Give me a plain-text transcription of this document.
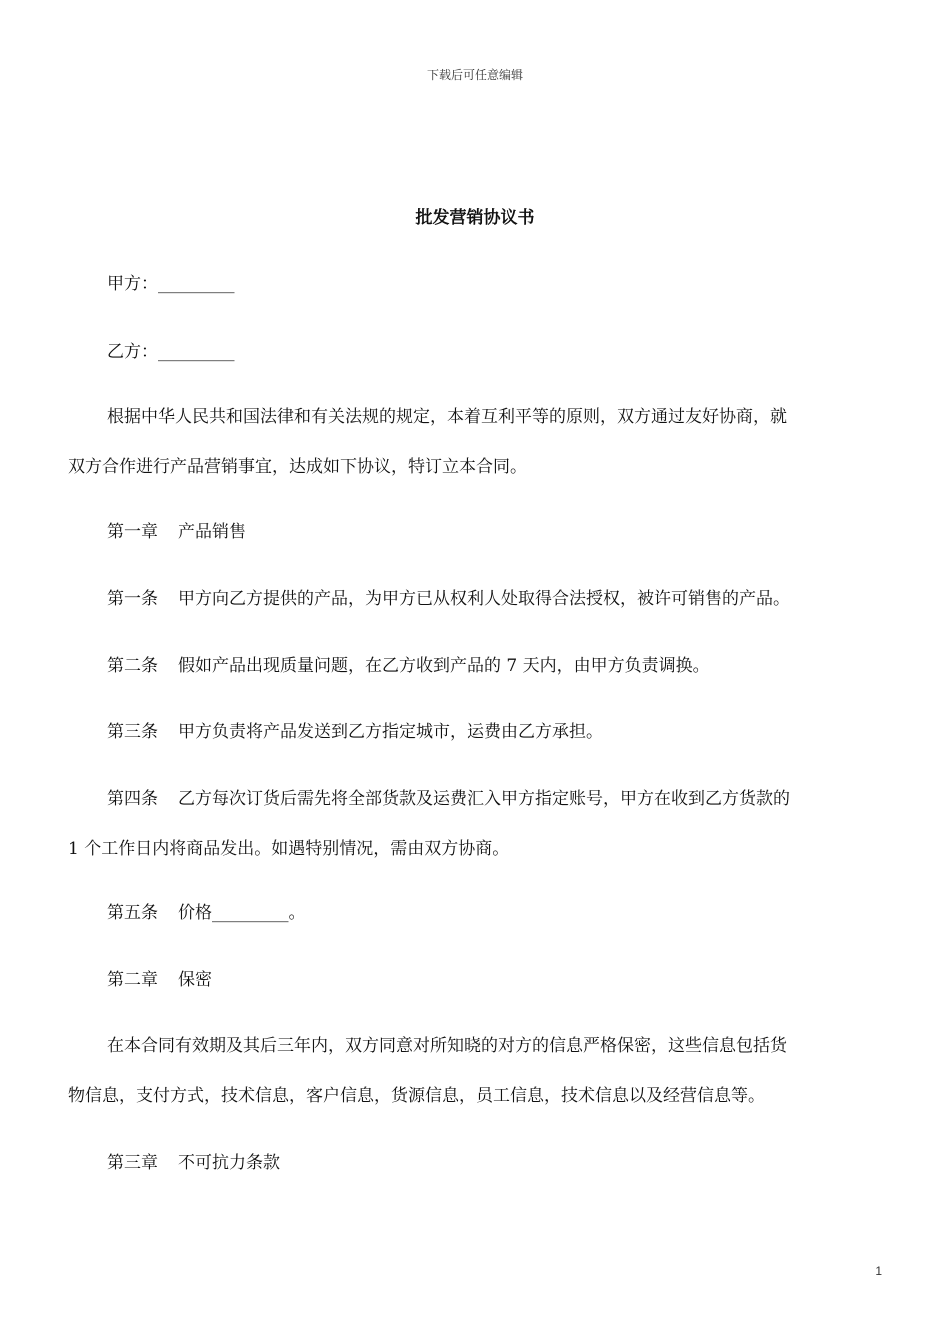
下载后可任意编辑
批发营销协议书
甲方：_________
乙方：_________
根据中华人民共和国法律和有关法规的规定，本着互利平等的原则，双方通过友好协商，就
双方合作进行产品营销事宜，达成如下协议，特订立本合同。
第一章 产品销售
第一条 甲方向乙方提供的产品，为甲方已从权利人处取得合法授权，被许可销售的产品。
第二条 假如产品出现质量问题，在乙方收到产品的 7 天内，由甲方负责调换。
第三条 甲方负责将产品发送到乙方指定城市，运费由乙方承担。
第四条 乙方每次订货后需先将全部货款及运费汇入甲方指定账号，甲方在收到乙方货款的
1 个工作日内将商品发出。如遇特别情况，需由双方协商。
第五条 价格_________。
第二章 保密
在本合同有效期及其后三年内，双方同意对所知晓的对方的信息严格保密，这些信息包括货
物信息，支付方式，技术信息，客户信息，货源信息，员工信息，技术信息以及经营信息等。
第三章 不可抗力条款
1
